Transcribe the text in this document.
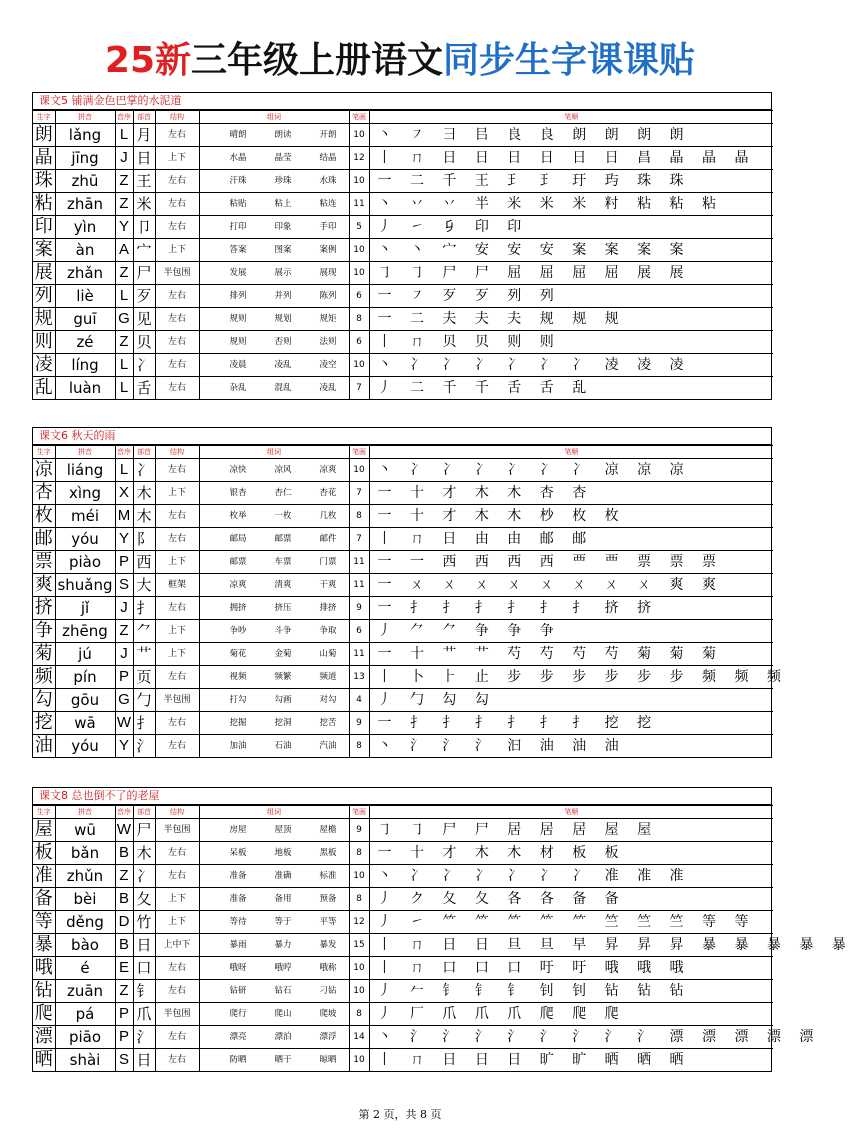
25新三年级上册语文同步生字课课贴
课文5 铺满金色巴掌的水泥道
生字	拼音	音序	部首	结构	组词	笔画	笔顺
朗	lǎng	L	月	左右	晴朗 朗读 开朗	10	丶 ㇇ 彐 㠯 良 良 朗 朗 朗 朗
晶	jīng	J	日	上下	水晶 晶莹 结晶	12	丨 ㄇ 日 日 日 日 日 日 昌 晶 晶 晶
珠	zhū	Z	王	左右	汗珠 珍珠 水珠	10	一 二 千 王 𤣩 𤣩 玗 玙 珠 珠
粘	zhān	Z	米	左右	粘贴 粘上 粘连	11	丶 丷 丷 半 米 米 米 籿 粘 粘 粘
印	yìn	Y	卩	左右	打印 印象 手印	5	丿 ㇀ 𠂎 印 印
案	àn	A	宀	上下	答案 图案 案例	10	丶 丶 宀 安 安 安 案 案 案 案
展	zhǎn	Z	尸	半包围	发展 展示 展现	10	㇆ ㇆ 尸 尸 屈 屈 屈 屈 展 展
列	liè	L	歹	左右	排列 并列 陈列	6	一 ㇇ 歹 歹 列 列
规	guī	G	见	左右	规则 规划 规矩	8	一 二 夫 夫 夫 规 规 规
则	zé	Z	贝	左右	规则 否则 法则	6	丨 ㄇ 贝 贝 则 则
凌	líng	L	冫	左右	凌晨 凌乱 凌空	10	丶 冫 冫 冫 冫 冫 冫 凌 凌 凌
乱	luàn	L	舌	左右	杂乱 混乱 凌乱	7	丿 二 千 千 舌 舌 乱
课文6 秋天的雨
生字	拼音	音序	部首	结构	组词	笔画	笔顺
凉	liáng	L	冫	左右	凉快 凉风 凉爽	10	丶 冫 冫 冫 冫 冫 冫 凉 凉 凉
杏	xìng	X	木	上下	银杏 杏仁 杏花	7	一 十 才 木 木 杏 杏
枚	méi	M	木	左右	枚举 一枚 几枚	8	一 十 才 木 木 杪 枚 枚
邮	yóu	Y	阝	左右	邮局 邮票 邮件	7	丨 ㄇ 日 由 由 邮 邮
票	piào	P	西	上下	邮票 车票 门票	11	一 一 西 西 西 西 覀 覀 票 票 票
爽	shuǎng	S	大	框架	凉爽 清爽 干爽	11	一 ㄨ ㄨ ㄨ ㄨ ㄨ ㄨ ㄨ ㄨ 爽 爽
挤	jǐ	J	扌	左右	拥挤 挤压 排挤	9	一 扌 扌 扌 扌 扌 扌 挤 挤
争	zhēng	Z	⺈	上下	争吵 斗争 争取	6	丿 ⺈ ⺈ 争 争 争
菊	jú	J	艹	上下	菊花 金菊 山菊	11	一 十 艹 艹 芍 芍 芍 芍 菊 菊 菊
频	pín	P	页	左右	视频 频繁 频道	13	丨 卜 ⺊ 止 步 步 步 步 步 步 频 频 频
勾	gōu	G	勹	半包围	打勾 勾画 对勾	4	丿 勹 勾 勾
挖	wā	W	扌	左右	挖掘 挖洞 挖苦	9	一 扌 扌 扌 扌 扌 扌 挖 挖
油	yóu	Y	氵	左右	加油 石油 汽油	8	丶 氵 氵 氵 汩 油 油 油
课文8 总也倒不了的老屋
生字	拼音	音序	部首	结构	组词	笔画	笔顺
屋	wū	W	尸	半包围	房屋 屋顶 屋檐	9	㇆ ㇆ 尸 尸 居 居 居 屋 屋
板	bǎn	B	木	左右	呆板 地板 黑板	8	一 十 才 木 木 材 板 板
准	zhǔn	Z	冫	左右	准备 准确 标准	10	丶 冫 冫 冫 冫 冫 冫 准 准 准
备	bèi	B	夂	上下	准备 备用 预备	8	丿 ク 夂 夂 各 各 备 备
等	děng	D	竹	上下	等待 等于 平等	12	丿 ㇀ ⺮ ⺮ ⺮ ⺮ ⺮ 竺 竺 竺 等 等
暴	bào	B	日	上中下	暴雨 暴力 暴发	15	丨 ㄇ 日 日 旦 旦 早 昇 昇 昇 暴 暴 暴 暴 暴
哦	é	E	口	左右	哦呀 哦哼 哦称	10	丨 ㄇ 口 口 口 吁 吁 哦 哦 哦
钻	zuān	Z	钅	左右	钻研 钻石 刁钻	10	丿 𠂉 钅 钅 钅 钊 钊 钻 钻 钻
爬	pá	P	爪	半包围	爬行 爬山 爬坡	8	丿 厂 爪 爪 爪 爬 爬 爬
漂	piāo	P	氵	左右	漂亮 漂泊 漂浮	14	丶 氵 氵 氵 氵 氵 氵 氵 氵 漂 漂 漂 漂 漂
晒	shài	S	日	左右	防晒 晒干 晾晒	10	丨 ㄇ 日 日 日 旷 旷 晒 晒 晒
第 2 页，共 8 页
